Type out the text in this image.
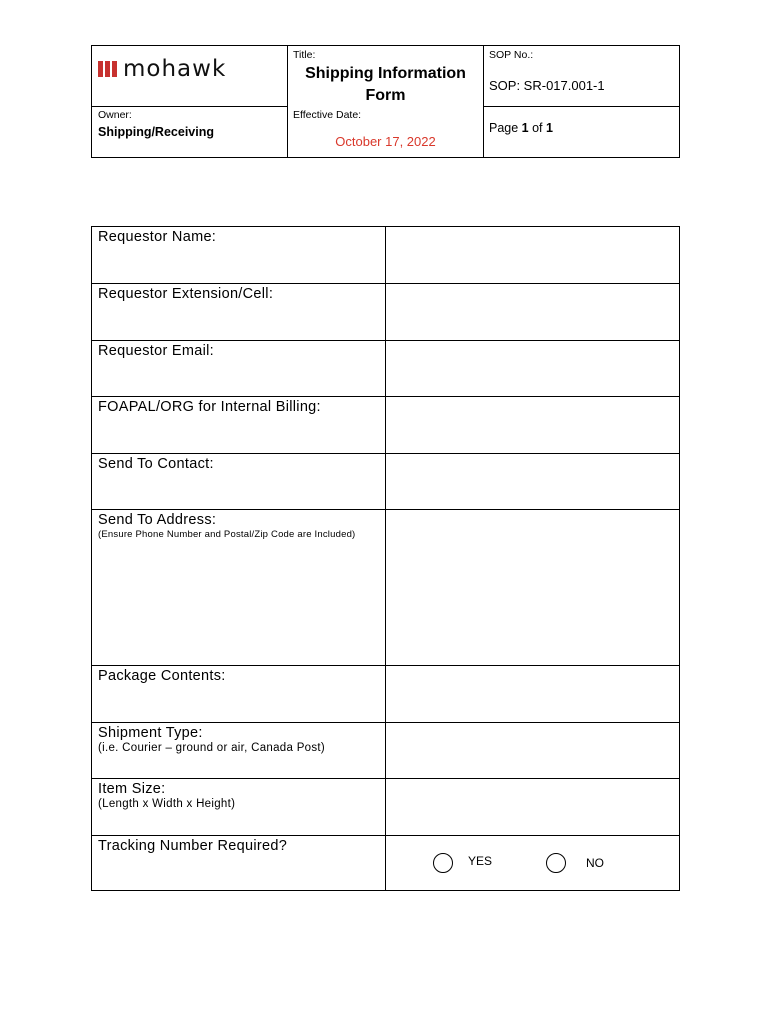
mohawk
Owner:
Shipping/Receiving
Title:
Shipping Information
Form
Effective Date:
October 17, 2022
SOP No.:
SOP: SR-017.001-1
Page 1 of 1
Requestor Name:
Requestor Extension/Cell:
Requestor Email:
FOAPAL/ORG for Internal Billing:
Send To Contact:
Send To Address:
(Ensure Phone Number and Postal/Zip Code are Included)
Package Contents:
Shipment Type:
(i.e. Courier – ground or air, Canada Post)
Item Size:
(Length x Width x Height)
Tracking Number Required?
YES	NO
